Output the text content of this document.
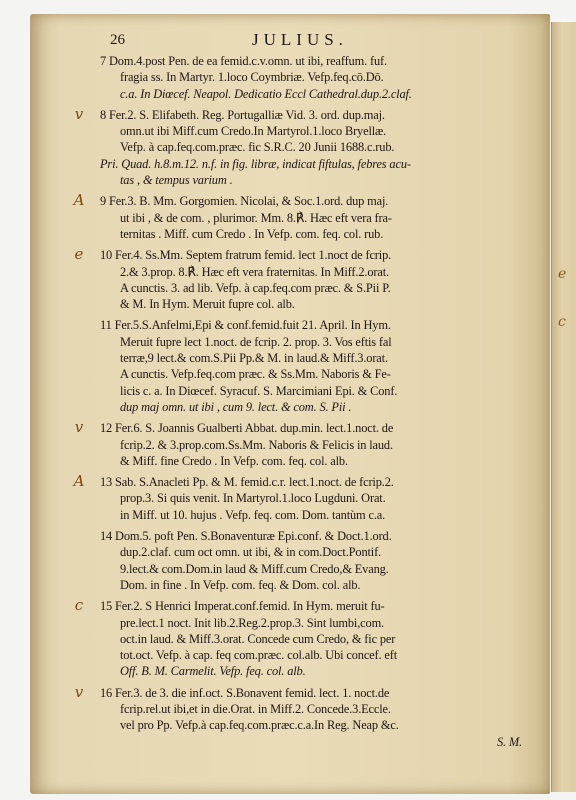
e
c
26	JULIUS.
7 Dom.4.post Pen. de ea femid.c.v.omn. ut ibi, reaffum. fuf.
fragia ss. In Martyr. 1.loco Coymbriæ. Vefp.feq.cō.Dō.
c.a. In Diœcef. Neapol. Dedicatio Eccl Cathedral.dup.2.claf.
v	8 Fer.2. S. Elifabeth. Reg. Portugalliæ Vid. 3. ord. dup.maj.
omn.ut ibi Miff.cum Credo.In Martyrol.1.loco Bryellæ.
Vefp. à cap.feq.com.præc. fic S.R.C. 20 Junii 1688.c.rub.
Pri. Quad. h.8.m.12. n.f. in fig. libræ, indicat fiftulas, febres acu-
tas , & tempus varium .
A 9 Fer.3. B. Mm. Gorgomien. Nicolai, & Soc.1.ord. dup maj.
ut ibi , & de com. , plurimor. Mm. 8.℟. Hæc eft vera fra-
ternitas . Miff. cum Credo . In Vefp. com. feq. col. rub.
e	10 Fer.4. Ss.Mm. Septem fratrum femid. lect 1.noct de fcrip.
2.& 3.prop. 8.℟. Hæc eft vera fraternitas. In Miff.2.orat.
A cunctis. 3. ad lib. Vefp. à cap.feq.com præc. & S.Pii P.
& M. In Hym. Meruit fupre col. alb.
11 Fer.5.S.Anfelmi,Epi & conf.femid.fuit 21. April. In Hym.
Meruit fupre lect 1.noct. de fcrip. 2. prop. 3. Vos eftis fal
terræ,9 lect.& com.S.Pii Pp.& M. in laud.& Miff.3.orat.
A cunctis. Vefp.feq.com præc. & Ss.Mm. Naboris & Fe-
licis c. a. In Diœcef. Syracuf. S. Marcimiani Epi. & Conf.
dup maj omn. ut ibi , cum 9. lect. & com. S. Pii .
v	12 Fer.6. S. Joannis Gualberti Abbat. dup.min. lect.1.noct. de
fcrip.2. & 3.prop.com.Ss.Mm. Naboris & Felicis in laud.
& Miff. fine Credo . In Vefp. com. feq. col. alb.
A 13 Sab. S.Anacleti Pp. & M. femid.c.r. lect.1.noct. de fcrip.2.
prop.3. Si quis venit. In Martyrol.1.loco Lugduni. Orat.
in Miff. ut 10. hujus . Vefp. feq. com. Dom. tantùm c.a.
14 Dom.5. poft Pen. S.Bonaventuræ Epi.conf. & Doct.1.ord.
dup.2.claf. cum oct omn. ut ibi, & in com.Doct.Pontif.
9.lect.& com.Dom.in laud & Miff.cum Credo,& Evang.
Dom. in fine . In Vefp. com. feq. & Dom. col. alb.
c	15 Fer.2. S Henrici Imperat.conf.femid. In Hym. meruit fu-
pre.lect.1 noct. Init lib.2.Reg.2.prop.3. Sint lumbi,com.
oct.in laud. & Miff.3.orat. Concede cum Credo, & fic per
tot.oct. Vefp. à cap. feq com.præc. col.alb. Ubi concef. eft
Off. B. M. Carmelit. Vefp. feq. col. alb.
v	16 Fer.3. de 3. die inf.oct. S.Bonavent femid. lect. 1. noct.de
fcrip.rel.ut ibi,et in die.Orat. in Miff.2. Concede.3.Eccle.
vel pro Pp. Vefp.à cap.feq.com.præc.c.a.In Reg. Neap &c.
S. M.
